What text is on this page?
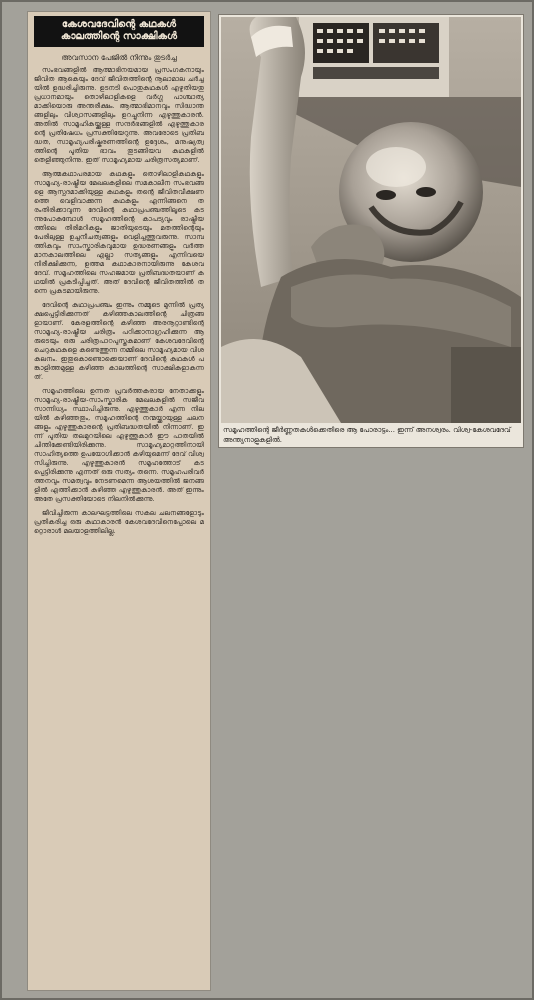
കേശവദേവിന്റെ കഥകൾ കാലത്തിന്റെ സാക്ഷികൾ
അവസാന പേജിൽ നിന്നും തുടർച്ച

സംഭവങ്ങളിൽ ആത്മാഭിനയമായ പ്രസംഗകനായും ജീവിത ആകെയും ദേവ് ജീവിതത്തിന്റെ നൂലാമാല ചർച്ചയിൽ ഉദ്ധരിച്ചിരുന്നു. ഉടനടി പൊതുകഥകൾ എഴുതിയതു പ്രധാനമായും തൊഴിലാളികളെ വർഗ്ഗ പാശ്ചാത്യമാക്കിയൊരു അന്തരീക്ഷം. ആത്മാഭിമാനവും സിദ്ധാന്തങ്ങളിലും വിശ്വാസങ്ങളിലും ഉറച്ചുനിന്ന എഴുത്തുകാരൻ. അതിൽ സാമൂഹികയ്ക്കുള്ള സന്ദർഭങ്ങളിൽ എഴുത്തുകാരന്റെ പ്രതിഷേധം പ്രസക്തിയേറുന്നു. അവരോടെ പ്രതിബദ്ധത, സാമൂഹ്യപരിഷ്കരണത്തിന്റെ ഉദ്ദേശം, മനുഷ്യത്വത്തിന്റെ പുതിയ ഭാവം തുടങ്ങിയവ കഥകളിൽ തെളിഞ്ഞുനിന്നു. ഇത് സാമൂഹ്യമായ ചരിത്രസത്യമാണ്.

ആത്മകഥാപരമായ കഥകളും തൊഴിലാളികഥകളും സാമൂഹ്യ-രാഷ്ട്രീയ മേഖലകളിലെ സമകാലീന സംഭവങ്ങളെ ആസ്പദമാക്കിയുള്ള കഥകളും തന്റെ ജീവിതവീക്ഷണത്തെ വെളിവാക്കുന്ന കഥകളും എന്നിങ്ങനെ തരംതിരിക്കാവുന്ന ദേവിന്റെ കഥാപ്രപഞ്ചത്തിലൂടെ കടന്നുപോകുമ്പോൾ സമൂഹത്തിന്റെ കാപട്യവും രാഷ്ട്രീയത്തിലെ തിരിമറികളും ജാതിയുടെയും മതത്തിന്റെയും പേരിലുള്ള ഉച്ചനീചത്വങ്ങളും വെളിച്ചത്തുവരുന്നു. സാമ്പത്തികവും സാംസ്കാരികവുമായ ഉദ്ധരണങ്ങളും വർത്തമാനകാലത്തിലെ എല്ലാ സത്യങ്ങളും എന്നിവയെ നിരീക്ഷിക്കുന്ന, ഉത്തമ കഥാകാരനായിരുന്നു കേശവദേവ്. സമൂഹത്തിലെ സഹജമായ പ്രതിബദ്ധതയാണ് കഥയിൽ പ്രകടിപ്പിച്ചത്. അത് ദേവിന്റെ ജീവിതത്തിൽ തന്നെ പ്രകടമായിരുന്നു.

ദേവിന്റെ കഥാപ്രപഞ്ചം ഇന്നും നമ്മുടെ മുന്നിൽ പ്രത്യക്ഷപ്പെട്ടിരിക്കുന്നത് കഴിഞ്ഞകാലത്തിന്റെ ചിത്രങ്ങളായാണ്. കേരളത്തിന്റെ കഴിഞ്ഞ അരനൂറ്റാണ്ടിന്റെ സാമൂഹ്യ-രാഷ്ട്രീയ ചരിത്രം പഠിക്കാനാഗ്രഹിക്കുന്ന ആരുടെയും ഒരു ചരിത്രപാഠപുസ്തകമാണ് കേശവദേവിന്റെ ചെറുകഥകളെ കണ്ടെത്തുന്ന നമ്മിലെ സാമൂഹ്യമായ വിശകലനം. ഇതുകൊണ്ടൊക്കെയാണ് ദേവിന്റെ കഥകൾ പങ്കാളിത്തമുള്ള കഴിഞ്ഞ കാലത്തിന്റെ സാക്ഷികളാകുന്നത്.

സമൂഹത്തിലെ ഉന്നത പ്രവർത്തകരായ നേതാക്കളും സാമൂഹ്യ-രാഷ്ട്രീയ-സാംസ്കാരിക മേഖലകളിൽ സജീവസാന്നിധ്യം സ്ഥാപിച്ചിരുന്നു. എഴുത്തുകാർ എന്ന നിലയിൽ കഴിഞ്ഞതും, സമൂഹത്തിന്റെ നന്മയ്ക്കായുള്ള ചലനങ്ങളും എഴുത്തുകാരന്റെ പ്രതിബദ്ധതയിൽ നിന്നാണ്. ഇന്ന് പുതിയ തലമുറയിലെ എഴുത്തുകാർ ഈ പാതയിൽ ചിന്തിക്കേണ്ടിയിരിക്കുന്നു. സാമൂഹ്യമാറ്റത്തിനായി സാഹിത്യത്തെ ഉപയോഗിക്കാൻ കഴിയുമെന്ന് ദേവ് വിശ്വസിച്ചിരുന്നു. എഴുത്തുകാരൻ സമൂഹത്തോട് കടപ്പെട്ടിരിക്കുന്നു എന്നത് ഒരു സത്യം തന്നെ. സമൂഹപരിവർത്തനവും സമത്വവും നേടണമെന്ന ആശയത്തിൽ ജനങ്ങളിൽ എത്തിക്കാൻ കഴിഞ്ഞ എഴുത്തുകാരൻ. അത് ഇന്നും അതേ പ്രസക്തിയോടെ നിലനിൽക്കുന്നു.

ജീവിച്ചിരുന്ന കാലഘട്ടത്തിലെ സകല ചലനങ്ങളോടും പ്രതികരിച്ച ഒരു കഥാകാരൻ കേശവദേവിനെപ്പോലെ മറ്റൊരാൾ മലയാളത്തിലില്ല.

സമൂഹത്തിന്റെ ജീർണ്ണതകൾക്കെതിരെ ആ പോരാട്ടം... ഇന്ന് അനശ്വരം. വിശ്വ-കേശവദേവ് അന്ത്യനാളുകളിൽ.
